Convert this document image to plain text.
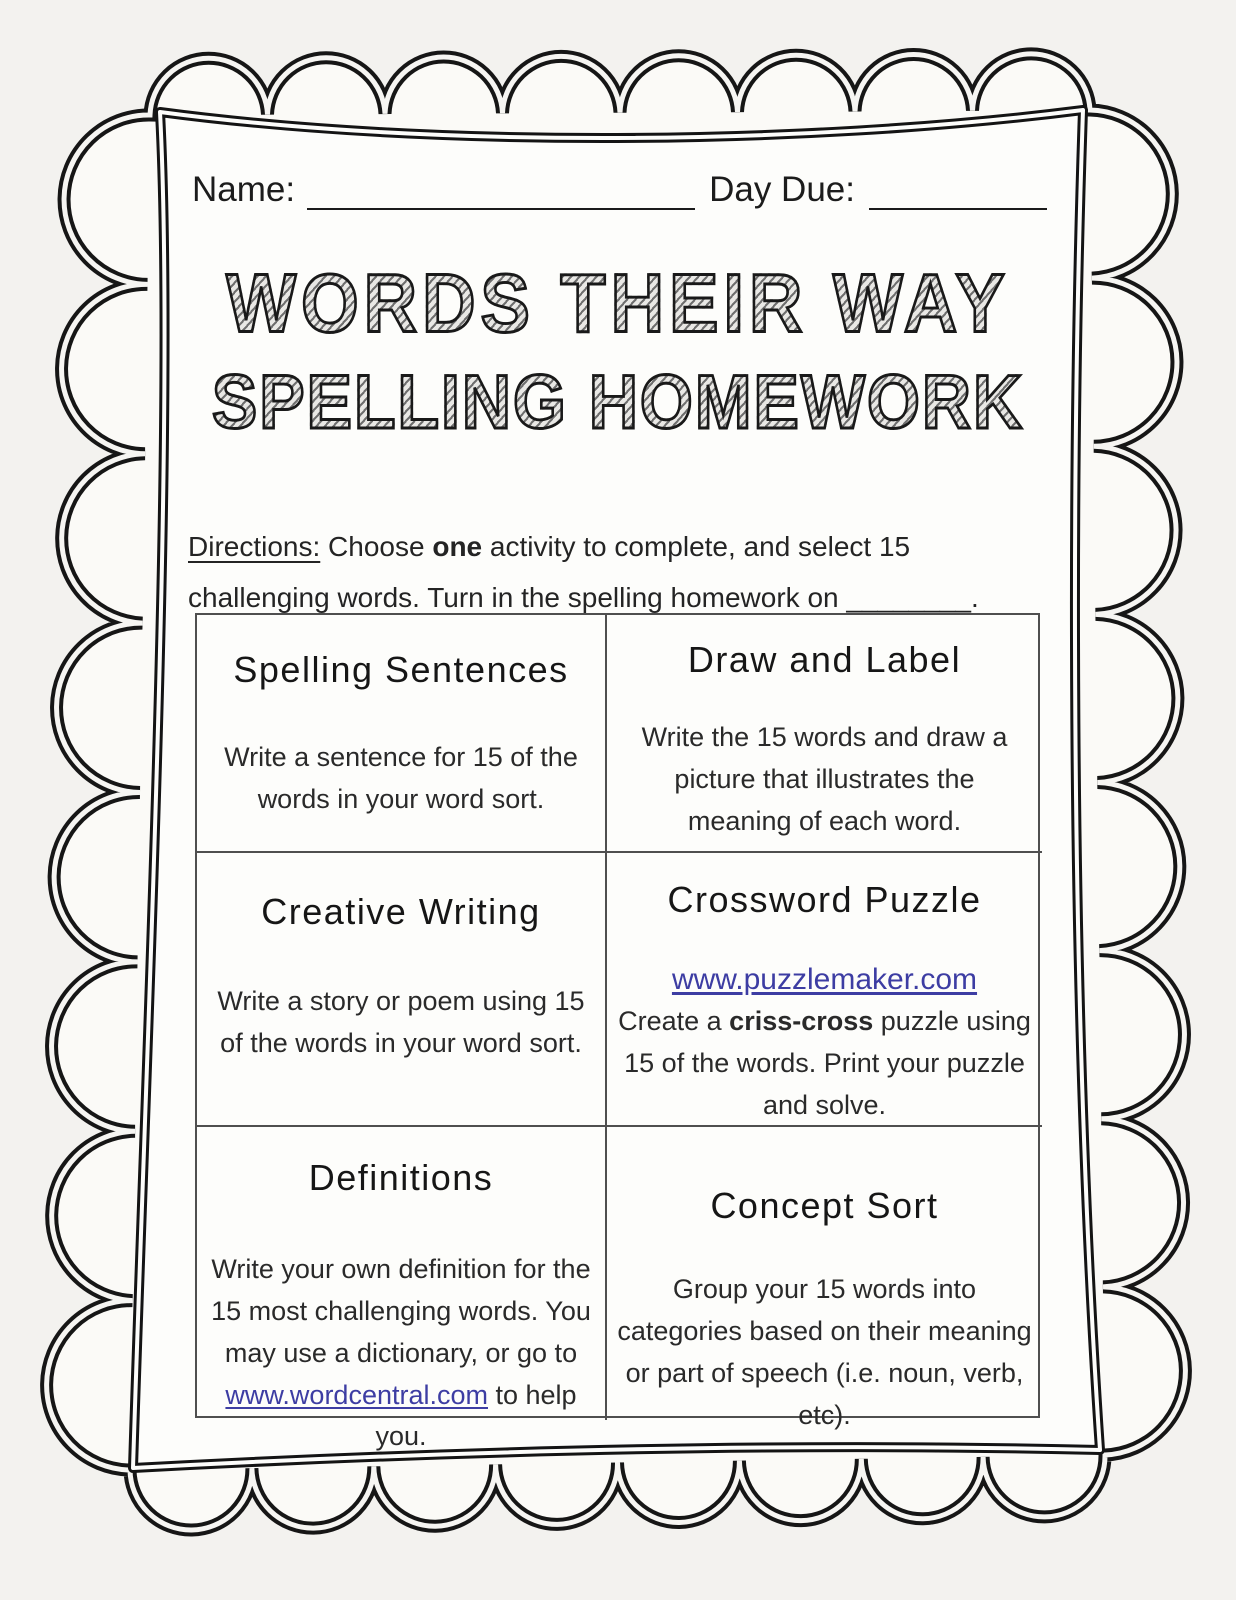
Name:	Day Due:
WORDS THEIR WAY
SPELLING HOMEWORK

Directions: Choose one activity to complete, and select 15
challenging words. Turn in the spelling homework on ________.

Spelling Sentences
Write a sentence for 15 of the words in your word sort.
Draw and Label
Write the 15 words and draw a picture that illustrates the meaning of each word.
Creative Writing
Write a story or poem using 15 of the words in your word sort.
Crossword Puzzle
www.puzzlemaker.com
Create a criss-cross puzzle using 15 of the words. Print your puzzle and solve.
Definitions
Write your own definition for the 15 most challenging words. You may use a dictionary, or go to www.wordcentral.com to help you.
Concept Sort
Group your 15 words into categories based on their meaning or part of speech (i.e. noun, verb, etc).
